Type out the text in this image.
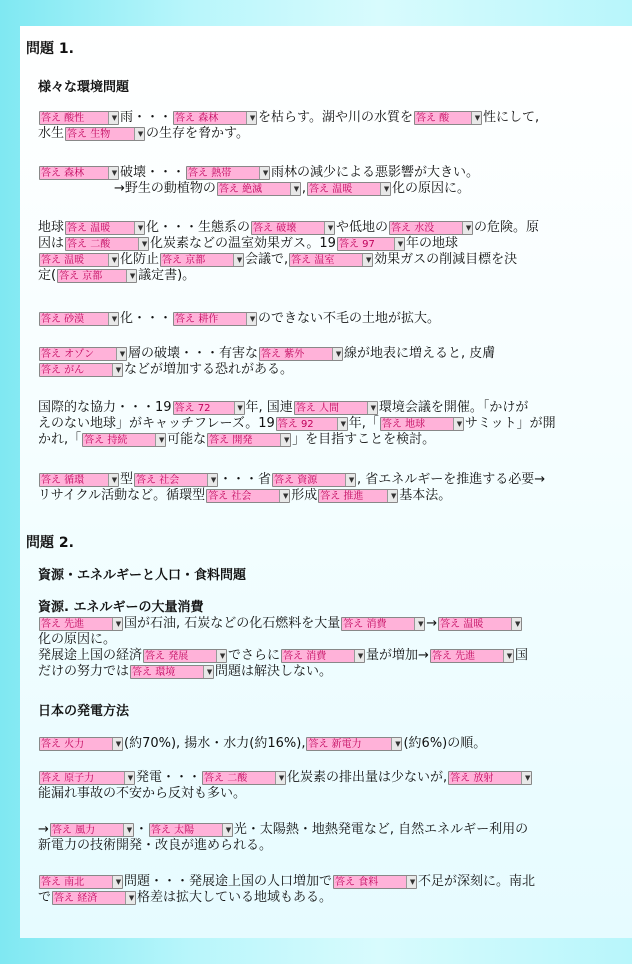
問題 1.

様々な環境問題

答え 酸性	▼ 雨・・・ 答え 森林	▼ を枯らす。湖や川の水質を 答え 酸	▼ 性にして,
水生 答え 生物	▼ の生存を脅かす。
答え 森林	▼ 破壊・・・ 答え 熱帯	▼ 雨林の減少による悪影響が大きい。
→野生の動植物の 答え 絶滅	▼ , 答え 温暖	▼ 化の原因に。
地球 答え 温暖	▼ 化・・・生態系の 答え 破壊	▼ や低地の 答え 水没	▼ の危険。原
因は 答え 二酸	▼ 化炭素などの温室効果ガス。19 答え 97	▼ 年の地球
答え 温暖	▼ 化防止 答え 京都	▼ 会議で, 答え 温室	▼ 効果ガスの削減目標を決
定( 答え 京都	▼ 議定書)。
答え 砂漠	▼ 化・・・ 答え 耕作	▼ のできない不毛の土地が拡大。
答え オゾン	▼ 層の破壊・・・有害な 答え 紫外	▼ 線が地表に増えると, 皮膚
答え がん	▼ などが増加する恐れがある。
国際的な協力・・・19 答え 72	▼ 年, 国連 答え 人間	▼ 環境会議を開催。「かけが
えのない地球」がキャッチフレーズ。19 答え 92	▼ 年,「 答え 地球	▼ サミット」が開
かれ,「 答え 持続	▼ 可能な 答え 開発	▼ 」を目指すことを検討。
答え 循環	▼ 型 答え 社会	▼ ・・・省 答え 資源	▼ , 省エネルギーを推進する必要→
リサイクル活動など。循環型 答え 社会	▼ 形成 答え 推進	▼ 基本法。

問題 2.

資源・エネルギーと人口・食料問題

資源. エネルギーの大量消費

答え 先進	▼ 国が石油, 石炭などの化石燃料を大量 答え 消費	▼ → 答え 温暖	▼
化の原因に。
発展途上国の経済 答え 発展	▼ でさらに 答え 消費	▼ 量が増加→ 答え 先進	▼ 国
だけの努力では 答え 環境	▼ 問題は解決しない。

日本の発電方法

答え 火力	▼ (約70%), 揚水・水力(約16%), 答え 新電力	▼ (約6%)の順。
答え 原子力	▼ 発電・・・ 答え 二酸	▼ 化炭素の排出量は少ないが, 答え 放射	▼
能漏れ事故の不安から反対も多い。
→ 答え 風力	▼ ・ 答え 太陽	▼ 光・太陽熱・地熱発電など, 自然エネルギー利用の
新電力の技術開発・改良が進められる。
答え 南北	▼ 問題・・・発展途上国の人口増加で 答え 食料	▼ 不足が深刻に。南北
で 答え 経済	▼ 格差は拡大している地域もある。
